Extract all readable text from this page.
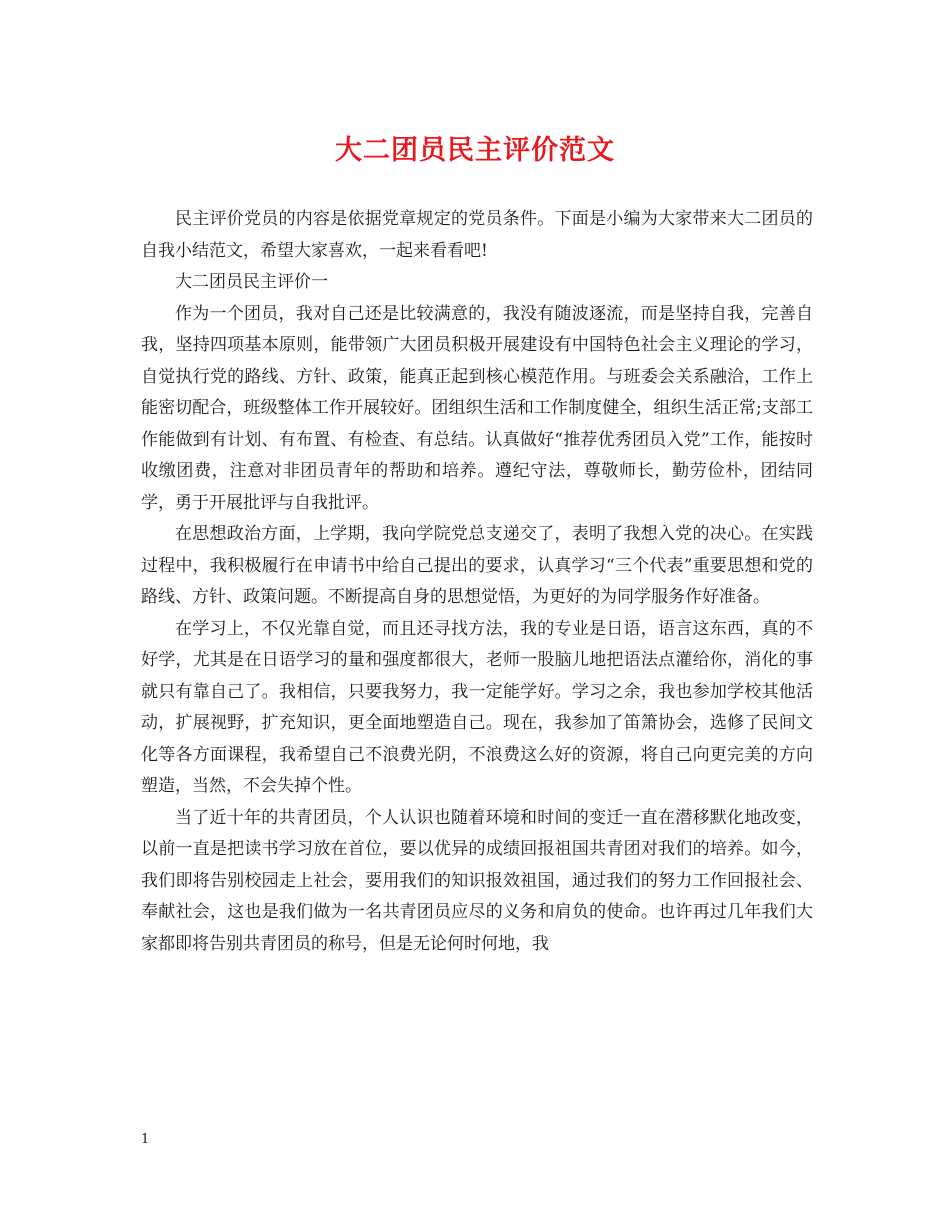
大二团员民主评价范文

民主评价党员的内容是依据党章规定的党员条件。下面是小编为大家带来大二团员的自我小结范文，希望大家喜欢，一起来看看吧!

大二团员民主评价一

作为一个团员，我对自己还是比较满意的，我没有随波逐流，而是坚持自我，完善自我，坚持四项基本原则，能带领广大团员积极开展建设有中国特色社会主义理论的学习，自觉执行党的路线、方针、政策，能真正起到核心模范作用。与班委会关系融洽，工作上能密切配合，班级整体工作开展较好。团组织生活和工作制度健全，组织生活正常;支部工作能做到有计划、有布置、有检查、有总结。认真做好“推荐优秀团员入党”工作，能按时收缴团费，注意对非团员青年的帮助和培养。遵纪守法，尊敬师长，勤劳俭朴，团结同学，勇于开展批评与自我批评。

在思想政治方面，上学期，我向学院党总支递交了，表明了我想入党的决心。在实践过程中，我积极履行在申请书中给自己提出的要求，认真学习“三个代表”重要思想和党的路线、方针、政策问题。不断提高自身的思想觉悟，为更好的为同学服务作好准备。

在学习上，不仅光靠自觉，而且还寻找方法，我的专业是日语，语言这东西，真的不好学，尤其是在日语学习的量和强度都很大，老师一股脑儿地把语法点灌给你，消化的事就只有靠自己了。我相信，只要我努力，我一定能学好。学习之余，我也参加学校其他活动，扩展视野，扩充知识，更全面地塑造自己。现在，我参加了笛箫协会，选修了民间文化等各方面课程，我希望自己不浪费光阴，不浪费这么好的资源，将自己向更完美的方向塑造，当然，不会失掉个性。

当了近十年的共青团员，个人认识也随着环境和时间的变迁一直在潜移默化地改变，以前一直是把读书学习放在首位，要以优异的成绩回报祖国共青团对我们的培养。如今，我们即将告别校园走上社会，要用我们的知识报效祖国，通过我们的努力工作回报社会、奉献社会，这也是我们做为一名共青团员应尽的义务和肩负的使命。也许再过几年我们大家都即将告别共青团员的称号，但是无论何时何地，我

1
